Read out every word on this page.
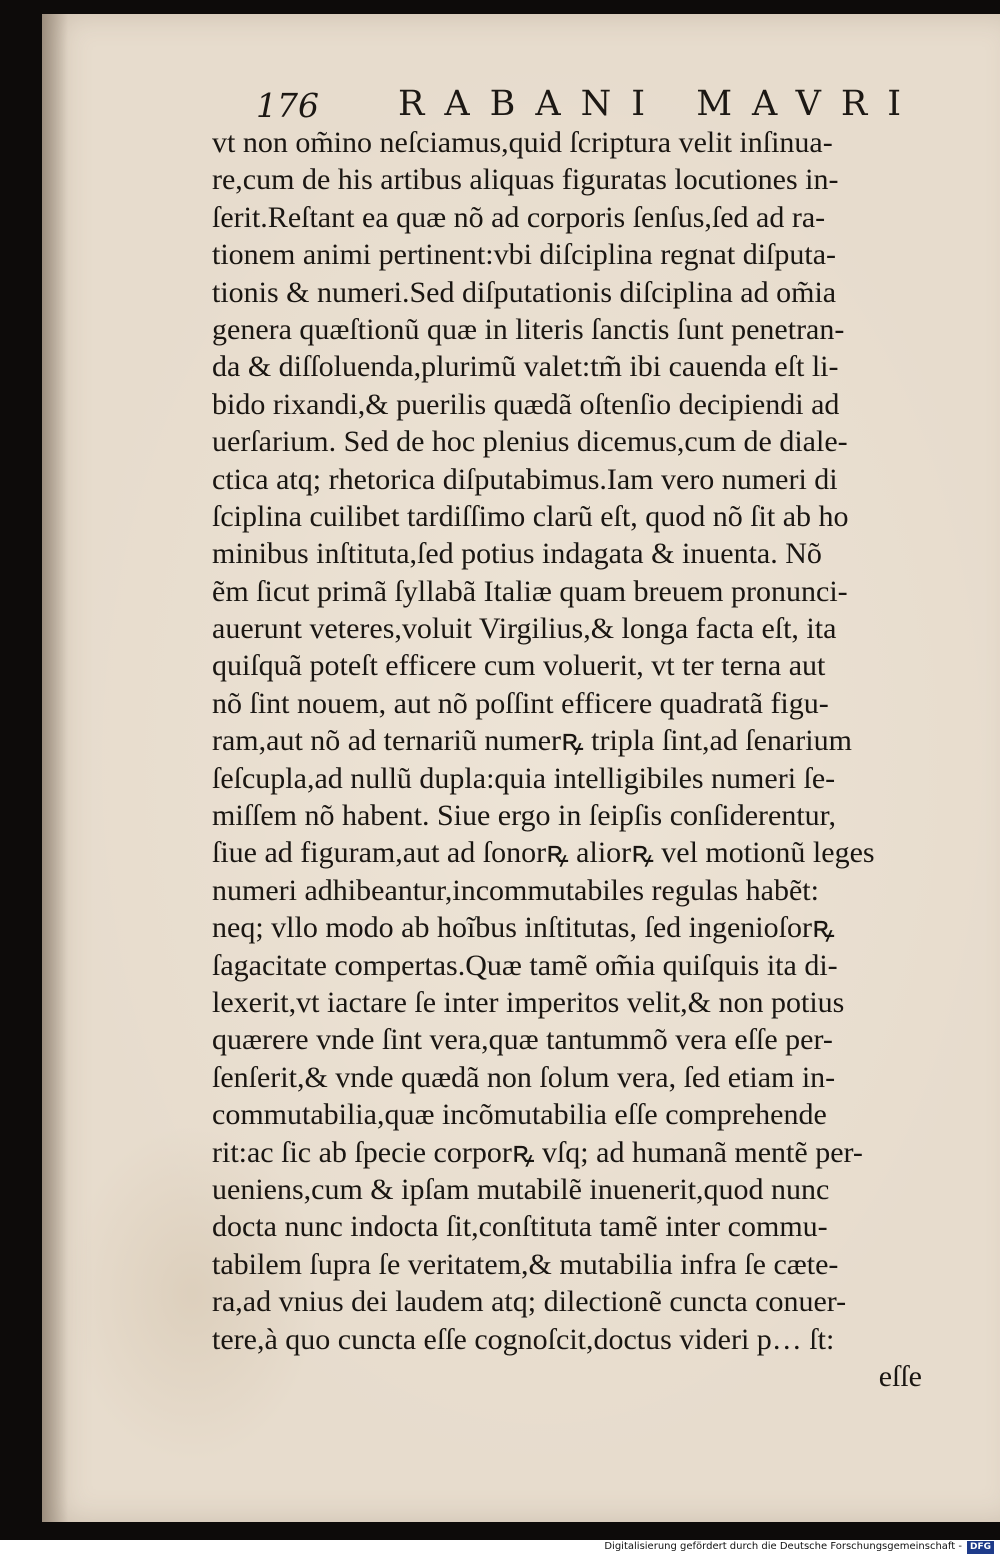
176 RABANI MAVRI
vt non om̃ino neſciamus,quid ſcriptura velit inſinua-
re,cum de his artibus aliquas figuratas locutiones in-
ſerit.Reſtant ea quæ nõ ad corporis ſenſus,ſed ad ra-
tionem animi pertinent:vbi diſciplina regnat diſputa-
tionis & numeri.Sed diſputationis diſciplina ad om̃ia
genera quæſtionũ quæ in literis ſanctis ſunt penetran-
da & diſſoluenda,plurimũ valet:tm̃ ibi cauenda eſt li-
bido rixandi,& puerilis quædã oſtenſio decipiendi ad
uerſarium. Sed de hoc plenius dicemus,cum de diale-
ctica atq; rhetorica diſputabimus.Iam vero numeri di
ſciplina cuilibet tardiſſimo clarũ eſt, quod nõ ſit ab ho
minibus inſtituta,ſed potius indagata & inuenta. Nõ
ẽm ſicut primã ſyllabã Italiæ quam breuem pronunci-
auerunt veteres,voluit Virgilius,& longa facta eſt, ita
quiſquã poteſt efficere cum voluerit, vt ter terna aut
nõ ſint nouem, aut nõ poſſint efficere quadratã figu-
ram,aut nõ ad ternariũ numerꝶ tripla ſint,ad ſenarium
ſeſcupla,ad nullũ dupla:quia intelligibiles numeri ſe-
miſſem nõ habent. Siue ergo in ſeipſis conſiderentur,
ſiue ad figuram,aut ad ſonorꝶ aliorꝶ vel motionũ leges
numeri adhibeantur,incommutabiles regulas habẽt:
neq; vllo modo ab hoĩbus inſtitutas, ſed ingenioſorꝶ
ſagacitate compertas.Quæ tamẽ om̃ia quiſquis ita di-
lexerit,vt iactare ſe inter imperitos velit,& non potius
quærere vnde ſint vera,quæ tantummõ vera eſſe per-
ſenſerit,& vnde quædã non ſolum vera, ſed etiam in-
commutabilia,quæ incõmutabilia eſſe comprehende
rit:ac ſic ab ſpecie corporꝶ vſq; ad humanã mentẽ per-
ueniens,cum & ipſam mutabilẽ inuenerit,quod nunc
docta nunc indocta ſit,conſtituta tamẽ inter commu-
tabilem ſupra ſe veritatem,& mutabilia infra ſe cæte-
ra,ad vnius dei laudem atq; dilectionẽ cuncta conuer-
tere,à quo cuncta eſſe cognoſcit,doctus videri p… ſt:
eſſe
Digitalisierung gefördert durch die Deutsche Forschungsgemeinschaft - DFG
